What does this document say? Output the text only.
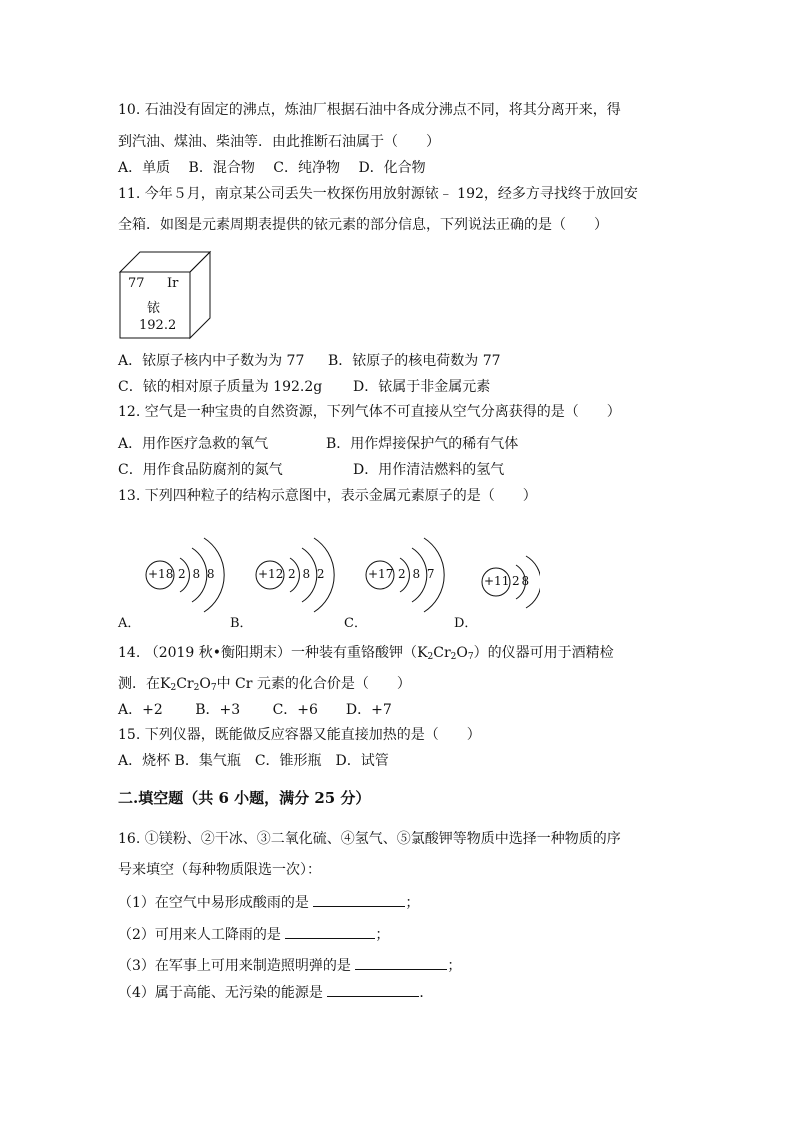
10. 石油没有固定的沸点，炼油厂根据石油中各成分沸点不同，将其分离开来，得
到汽油、煤油、柴油等．由此推断石油属于（　　）
A．单质　 B．混合物　 C．纯净物　 D．化合物
11. 今年５月，南京某公司丢失一枚探伤用放射源铱﹣ 192，经多方寻找终于放回安
全箱．如图是元素周期表提供的铱元素的部分信息，下列说法正确的是（　　）
77 Ir
铱
192.2
A．铱原子核内中子数为为 77 B．铱原子的核电荷数为 77
C．铱的相对原子质量为 192.2g D．铱属于非金属元素
12. 空气是一种宝贵的自然资源，下列气体不可直接从空气分离获得的是（　　）
A．用作医疗急救的氧气	B．用作焊接保护气的稀有气体
C．用作食品防腐剂的氮气	D．用作清洁燃料的氢气
13. 下列四种粒子的结构示意图中，表示金属元素原子的是（　　）
+18 2 8 8
A．
+12 2 8 2
B．
+17 2 8 7
C．
+11 2 8
D．
14. （2019 秋•衡阳期末）一种装有重铬酸钾$(K_2Cr_2O_7)$的仪器可用于酒精检
测．在$K_2Cr_2O_7$中 Cr 元素的化合价是（　　）
A．+2　　 B．+3　　 C．+6　　D．+7
15. 下列仪器，既能做反应容器又能直接加热的是（　　）
A．烧杯 B．集气瓶　C．锥形瓶　D．试管
二.填空题（共 6 小题，满分 25 分）
16. ①镁粉、②干冰、③二氧化硫、④氢气、⑤氯酸钾等物质中选择一种物质的序
号来填空（每种物质限选一次）：
（1）在空气中易形成酸雨的是	；
（2）可用来人工降雨的是	；
（3）在军事上可用来制造照明弹的是	；
（4）属于高能、无污染的能源是	．
